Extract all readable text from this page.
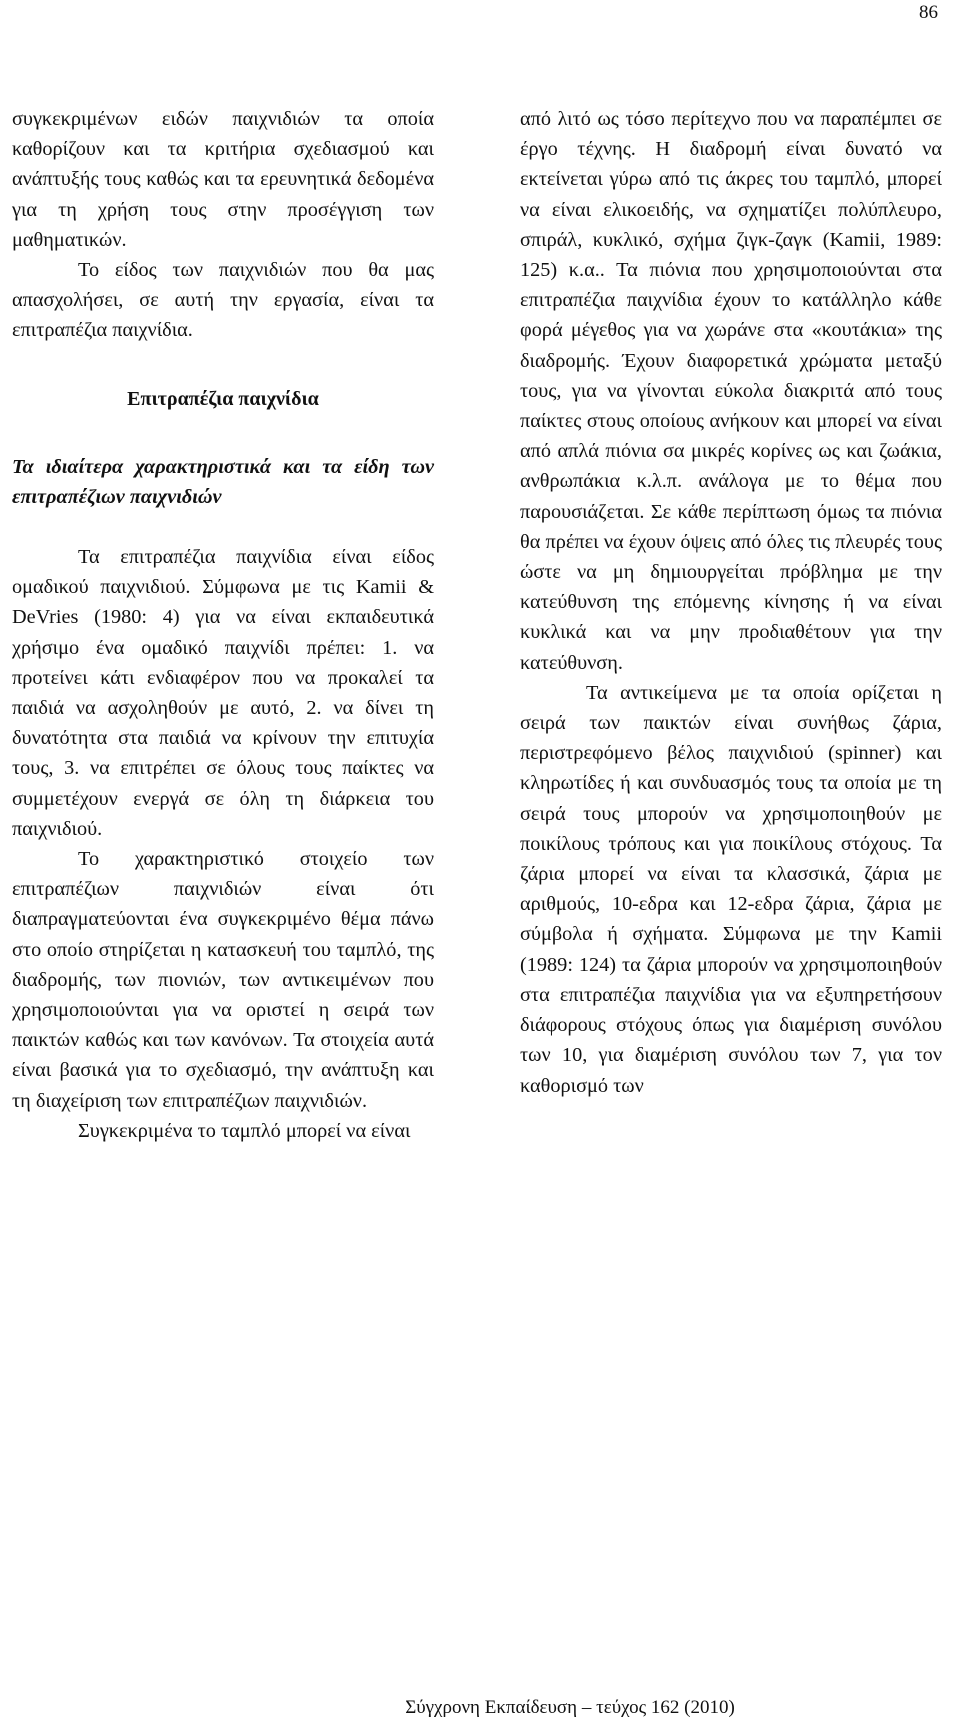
86

συγκεκριμένων ειδών παιχνιδιών τα οποία καθορίζουν και τα κριτήρια σχεδιασμού και ανάπτυξής τους καθώς και τα ερευνητικά δεδομένα για τη χρήση τους στην προσέγγιση των μαθηματικών.

Το είδος των παιχνιδιών που θα μας απασχολήσει, σε αυτή την εργασία, είναι τα επιτραπέζια παιχνίδια.

Επιτραπέζια παιχνίδια
Τα ιδιαίτερα χαρακτηριστικά και τα είδη των επιτραπέζιων παιχνιδιών

Τα επιτραπέζια παιχνίδια είναι είδος ομαδικού παιχνιδιού. Σύμφωνα με τις Kamii & DeVries (1980: 4) για να είναι εκπαιδευτικά χρήσιμο ένα ομαδικό παιχνίδι πρέπει: 1. να προτείνει κάτι ενδιαφέρον που να προκαλεί τα παιδιά να ασχοληθούν με αυτό, 2. να δίνει τη δυνατότητα στα παιδιά να κρίνουν την επιτυχία τους, 3. να επιτρέπει σε όλους τους παίκτες να συμμετέχουν ενεργά σε όλη τη διάρκεια του παιχνιδιού.

Το χαρακτηριστικό στοιχείο των επιτραπέζιων παιχνιδιών είναι ότι διαπραγματεύονται ένα συγκεκριμένο θέμα πάνω στο οποίο στηρίζεται η κατασκευή του ταμπλό, της διαδρομής, των πιονιών, των αντικειμένων που χρησιμοποιούνται για να οριστεί η σειρά των παικτών καθώς και των κανόνων. Τα στοιχεία αυτά είναι βασικά για το σχεδιασμό, την ανάπτυξη και τη διαχείριση των επιτραπέζιων παιχνιδιών.

Συγκεκριμένα το ταμπλό μπορεί να είναι

από λιτό ως τόσο περίτεχνο που να παραπέμπει σε έργο τέχνης. Η διαδρομή είναι δυνατό να εκτείνεται γύρω από τις άκρες του ταμπλό, μπορεί να είναι ελικοειδής, να σχηματίζει πολύπλευρο, σπιράλ, κυκλικό, σχήμα ζιγκ-ζαγκ (Kamii, 1989: 125) κ.α.. Τα πιόνια που χρησιμοποιούνται στα επιτραπέζια παιχνίδια έχουν το κατάλληλο κάθε φορά μέγεθος για να χωράνε στα «κουτάκια» της διαδρομής. Έχουν διαφορετικά χρώματα μεταξύ τους, για να γίνονται εύκολα διακριτά από τους παίκτες στους οποίους ανήκουν και μπορεί να είναι από απλά πιόνια σα μικρές κορίνες ως και ζωάκια, ανθρωπάκια κ.λ.π. ανάλογα με το θέμα που παρουσιάζεται. Σε κάθε περίπτωση όμως τα πιόνια θα πρέπει να έχουν όψεις από όλες τις πλευρές τους ώστε να μη δημιουργείται πρόβλημα με την κατεύθυνση της επόμενης κίνησης ή να είναι κυκλικά και να μην προδιαθέτουν για την κατεύθυνση.

Τα αντικείμενα με τα οποία ορίζεται η σειρά των παικτών είναι συνήθως ζάρια, περιστρεφόμενο βέλος παιχνιδιού (spinner) και κληρωτίδες ή και συνδυασμός τους τα οποία με τη σειρά τους μπορούν να χρησιμοποιηθούν με ποικίλους τρόπους και για ποικίλους στόχους. Τα ζάρια μπορεί να είναι τα κλασσικά, ζάρια με αριθμούς, 10-εδρα και 12-εδρα ζάρια, ζάρια με σύμβολα ή σχήματα. Σύμφωνα με την Kamii (1989: 124) τα ζάρια μπορούν να χρησιμοποιηθούν στα επιτραπέζια παιχνίδια για να εξυπηρετήσουν διάφορους στόχους όπως για διαμέριση συνόλου των 10, για διαμέριση συνόλου των 7, για τον καθορισμό των

Σύγχρονη Εκπαίδευση – τεύχος 162 (2010)
